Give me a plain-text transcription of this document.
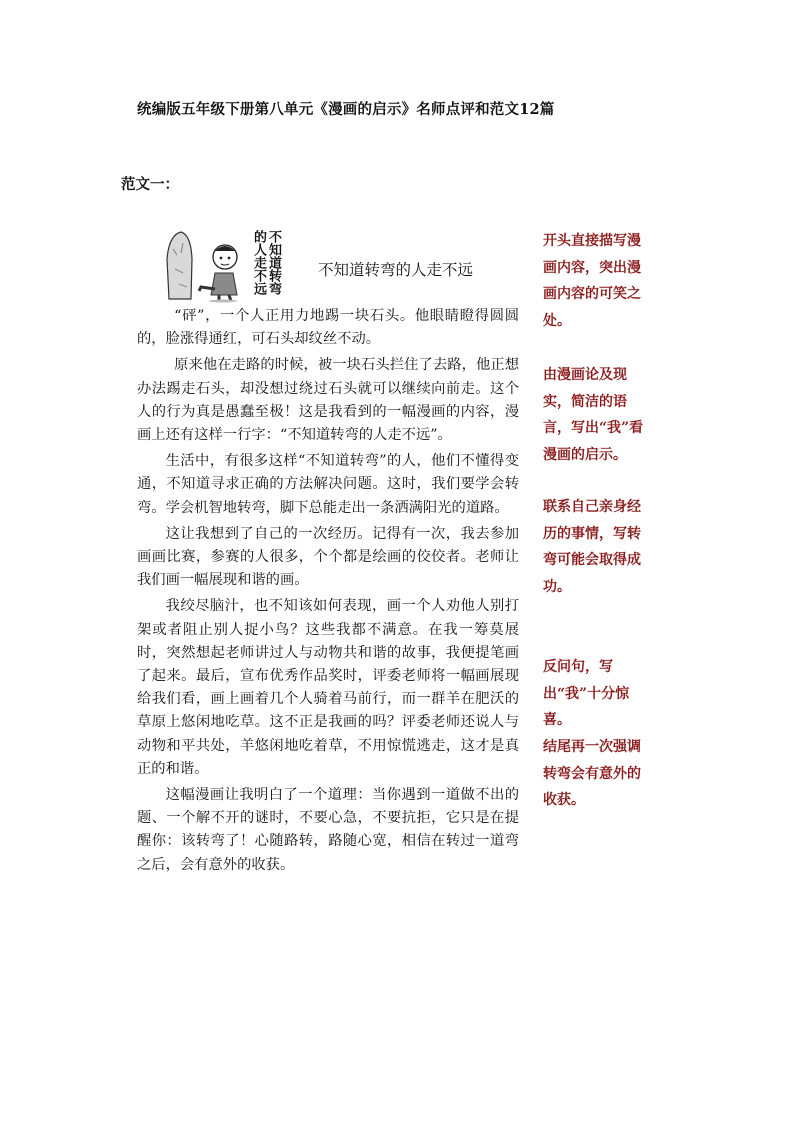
统编版五年级下册第八单元《漫画的启示》名师点评和范文12篇
范文一：
不知道转弯的人走不远	不知道转弯的人走不远

“砰”，一个人正用力地踢一块石头。他眼睛瞪得圆圆的，脸涨得通红，可石头却纹丝不动。

原来他在走路的时候，被一块石头拦住了去路，他正想办法踢走石头，却没想过绕过石头就可以继续向前走。这个人的行为真是愚蠢至极！这是我看到的一幅漫画的内容，漫画上还有这样一行字：“不知道转弯的人走不远”。

生活中，有很多这样“不知道转弯”的人，他们不懂得变通，不知道寻求正确的方法解决问题。这时，我们要学会转弯。学会机智地转弯，脚下总能走出一条洒满阳光的道路。

这让我想到了自己的一次经历。记得有一次，我去参加画画比赛，参赛的人很多，个个都是绘画的佼佼者。老师让我们画一幅展现和谐的画。

我绞尽脑汁，也不知该如何表现，画一个人劝他人别打架或者阻止别人捉小鸟？这些我都不满意。在我一筹莫展时，突然想起老师讲过人与动物共和谐的故事，我便提笔画了起来。最后，宣布优秀作品奖时，评委老师将一幅画展现给我们看，画上画着几个人骑着马前行，而一群羊在肥沃的草原上悠闲地吃草。这不正是我画的吗？评委老师还说人与动物和平共处，羊悠闲地吃着草，不用惊慌逃走，这才是真正的和谐。

这幅漫画让我明白了一个道理：当你遇到一道做不出的题、一个解不开的谜时，不要心急，不要抗拒，它只是在提醒你：该转弯了！心随路转，路随心宽，相信在转过一道弯之后，会有意外的收获。

开头直接描写漫画内容，突出漫画内容的可笑之处。
由漫画论及现实，简洁的语言，写出“我”看漫画的启示。
联系自己亲身经历的事情，写转弯可能会取得成功。
反问句，写出“我”十分惊喜。
结尾再一次强调转弯会有意外的收获。
